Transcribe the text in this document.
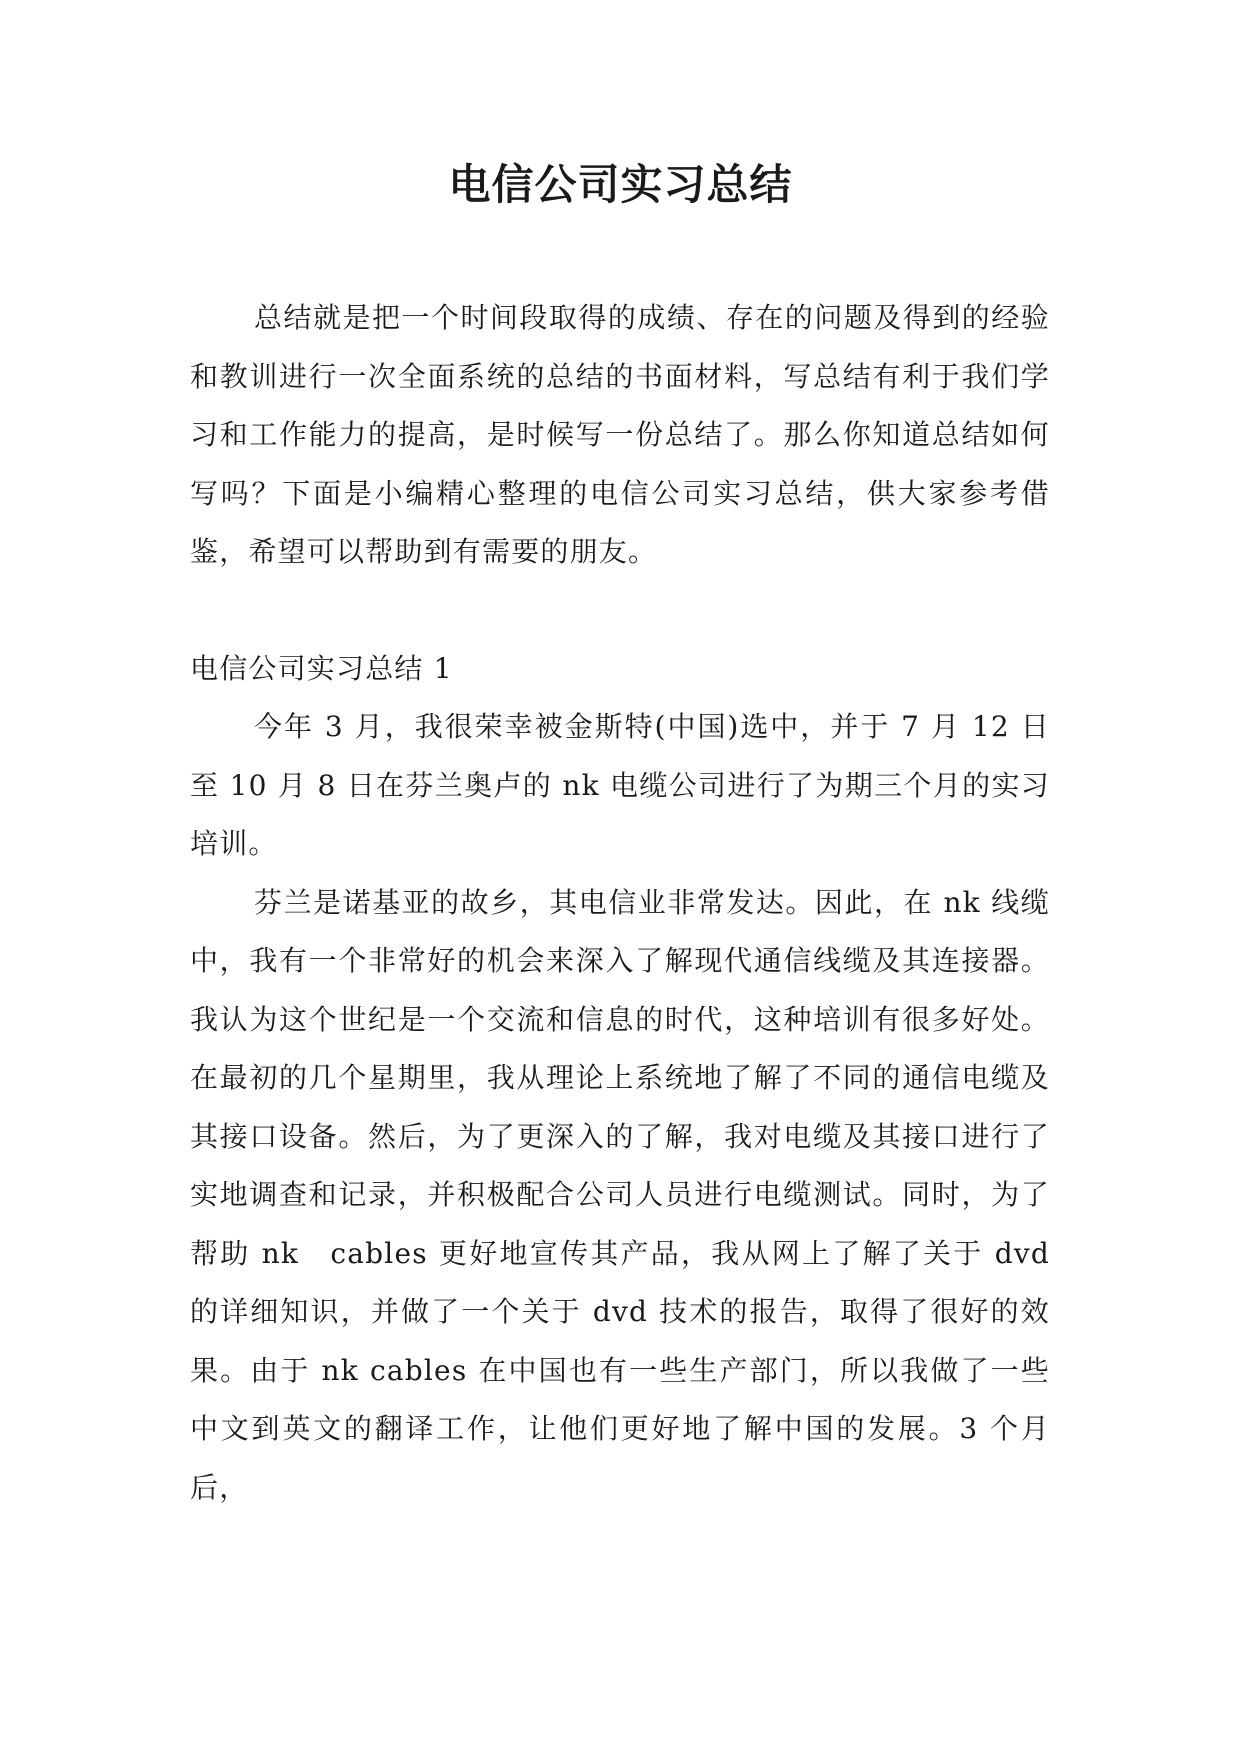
电信公司实习总结

总结就是把一个时间段取得的成绩、存在的问题及得到的经验和教训进行一次全面系统的总结的书面材料，写总结有利于我们学习和工作能力的提高，是时候写一份总结了。那么你知道总结如何写吗？下面是小编精心整理的电信公司实习总结，供大家参考借鉴，希望可以帮助到有需要的朋友。

电信公司实习总结 1

今年 3 月，我很荣幸被金斯特(中国)选中，并于 7 月 12 日至 10 月 8 日在芬兰奥卢的 nk 电缆公司进行了为期三个月的实习培训。

芬兰是诺基亚的故乡，其电信业非常发达。因此，在 nk 线缆中，我有一个非常好的机会来深入了解现代通信线缆及其连接器。我认为这个世纪是一个交流和信息的时代，这种培训有很多好处。在最初的几个星期里，我从理论上系统地了解了不同的通信电缆及其接口设备。然后，为了更深入的了解，我对电缆及其接口进行了实地调查和记录，并积极配合公司人员进行电缆测试。同时，为了帮助 nk　cables 更好地宣传其产品，我从网上了解了关于 dvd 的详细知识，并做了一个关于 dvd 技术的报告，取得了很好的效果。由于 nk cables 在中国也有一些生产部门，所以我做了一些中文到英文的翻译工作，让他们更好地了解中国的发展。3 个月后，
